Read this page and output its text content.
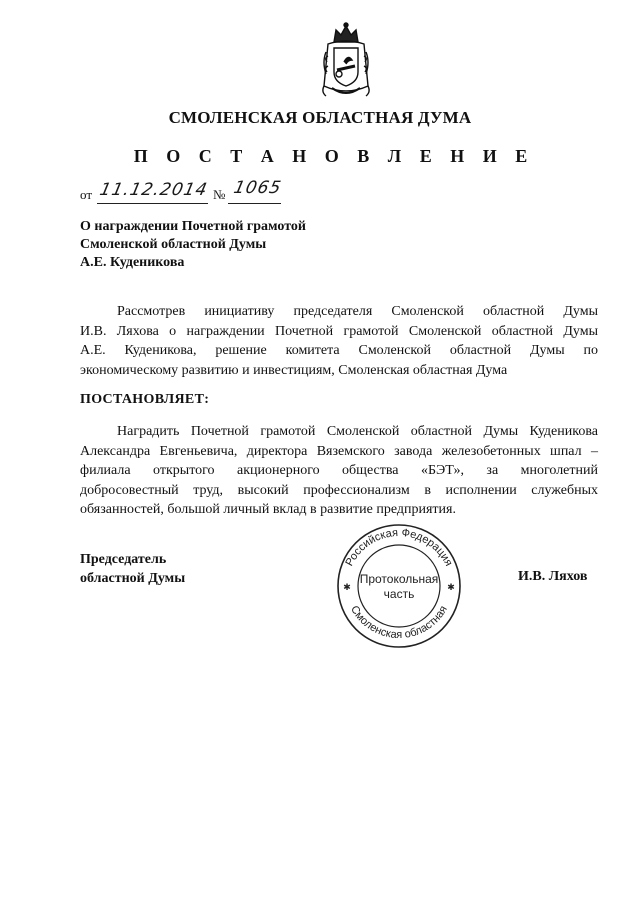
СМОЛЕНСКАЯ ОБЛАСТНАЯ ДУМА
П О С Т А Н О В Л Е Н И Е
от 11.12.2014 № 1065
О награждении Почетной грамотой
Смоленской областной Думы
А.Е. Куденикова
Рассмотрев инициативу председателя Смоленской областной Думы
И.В. Ляхова о награждении Почетной грамотой Смоленской областной Думы
А.Е. Куденикова, решение комитета Смоленской областной Думы по
экономическому развитию и инвестициям, Смоленская областная Дума
ПОСТАНОВЛЯЕТ:
Наградить Почетной грамотой Смоленской областной Думы Куденикова
Александра Евгеньевича, директора Вяземского завода железобетонных шпал –
филиала открытого акционерного общества «БЭТ», за многолетний
добросовестный труд, высокий профессионализм в исполнении служебных
обязанностей, большой личный вклад в развитие предприятия.
Председатель
областной Думы	И.В. Ляхов
Российская Федерация
Смоленская областная
Протокольная
часть
✱	✱
